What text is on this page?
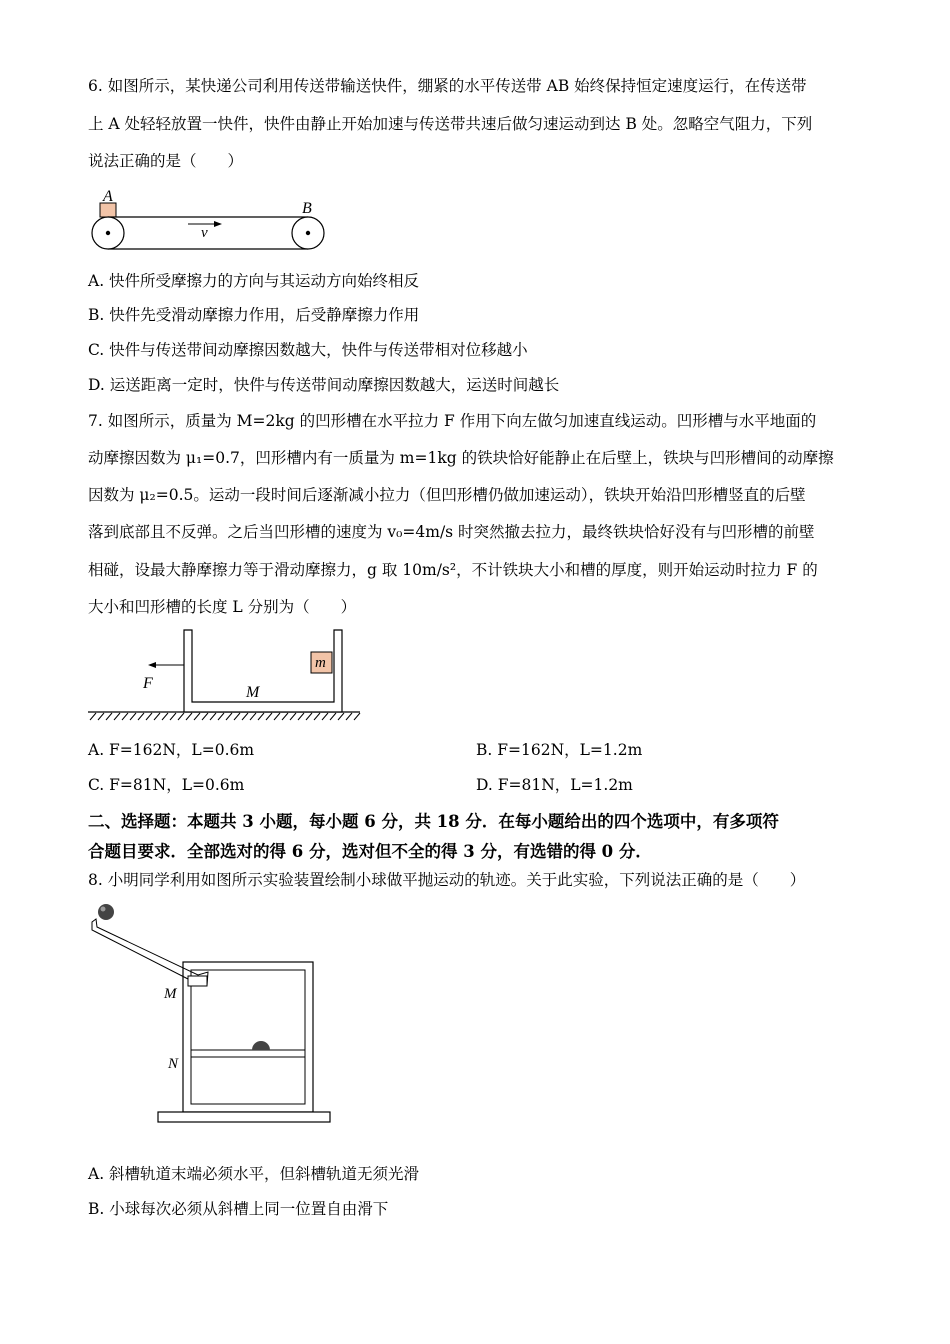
6. 如图所示，某快递公司利用传送带输送快件，绷紧的水平传送带 AB 始终保持恒定速度运行，在传送带
上 A 处轻轻放置一快件，快件由静止开始加速与传送带共速后做匀速运动到达 B 处。忽略空气阻力，下列
说法正确的是（　　）
A
B
v
A. 快件所受摩擦力的方向与其运动方向始终相反
B. 快件先受滑动摩擦力作用，后受静摩擦力作用
C. 快件与传送带间动摩擦因数越大，快件与传送带相对位移越小
D. 运送距离一定时，快件与传送带间动摩擦因数越大，运送时间越长
7. 如图所示，质量为 M=2kg 的凹形槽在水平拉力 F 作用下向左做匀加速直线运动。凹形槽与水平地面的
动摩擦因数为 μ₁=0.7，凹形槽内有一质量为 m=1kg 的铁块恰好能静止在后壁上，铁块与凹形槽间的动摩擦
因数为 μ₂=0.5。运动一段时间后逐渐减小拉力（但凹形槽仍做加速运动），铁块开始沿凹形槽竖直的后壁
落到底部且不反弹。之后当凹形槽的速度为 v₀=4m/s 时突然撤去拉力，最终铁块恰好没有与凹形槽的前壁
相碰，设最大静摩擦力等于滑动摩擦力，g 取 10m/s²，不计铁块大小和槽的厚度，则开始运动时拉力 F 的
大小和凹形槽的长度 L 分别为（　　）
F
M
m
A. F=162N，L=0.6m	B. F=162N，L=1.2m
C. F=81N，L=0.6m	D. F=81N，L=1.2m
二、选择题：本题共 3 小题，每小题 6 分，共 18 分．在每小题给出的四个选项中，有多项符
合题目要求．全部选对的得 6 分，选对但不全的得 3 分，有选错的得 0 分．
8. 小明同学利用如图所示实验装置绘制小球做平抛运动的轨迹。关于此实验，下列说法正确的是（　　）
M
N
A. 斜槽轨道末端必须水平，但斜槽轨道无须光滑
B. 小球每次必须从斜槽上同一位置自由滑下
